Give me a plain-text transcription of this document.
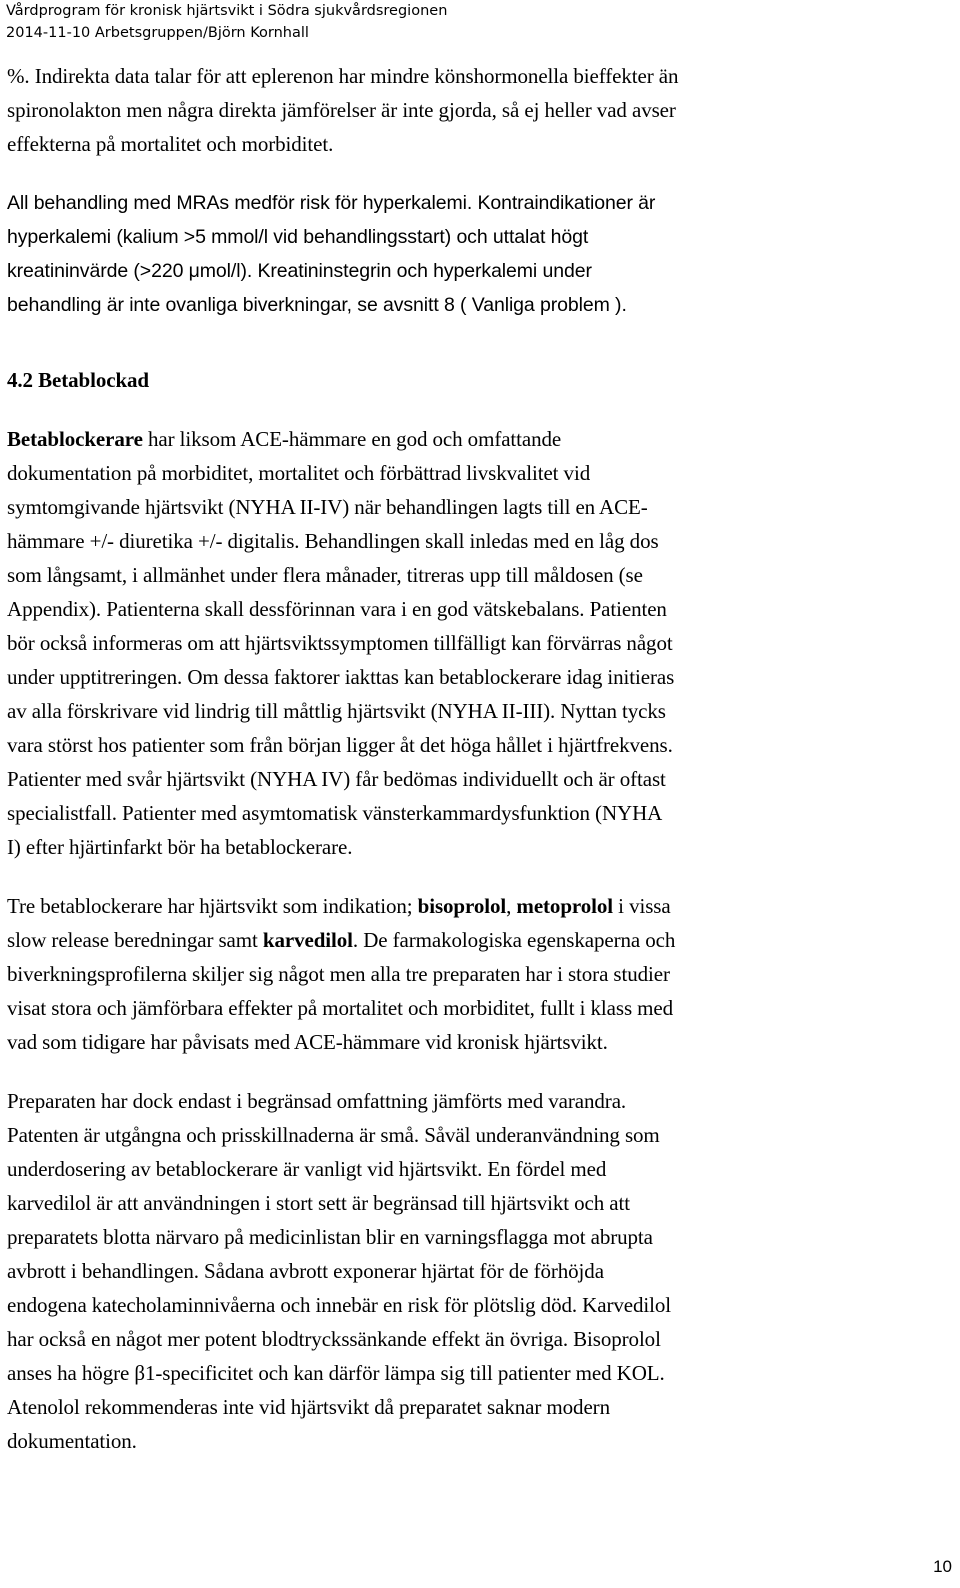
Vårdprogram för kronisk hjärtsvikt i Södra sjukvårdsregionen
2014-11-10 Arbetsgruppen/Björn Kornhall
%. Indirekta data talar för att eplerenon har mindre könshormonella bieffekter än
spironolakton men några direkta jämförelser är inte gjorda, så ej heller vad avser
effekterna på mortalitet och morbiditet.
All behandling med MRAs medför risk för hyperkalemi. Kontraindikationer är
hyperkalemi (kalium >5 mmol/l vid behandlingsstart) och uttalat högt
kreatininvärde (>220 μmol/l). Kreatininstegrin och hyperkalemi under
behandling är inte ovanliga biverkningar, se avsnitt 8 ( Vanliga problem ).
4.2 Betablockad
Betablockerare har liksom ACE-hämmare en god och omfattande
dokumentation på morbiditet, mortalitet och förbättrad livskvalitet vid
symtomgivande hjärtsvikt (NYHA II-IV) när behandlingen lagts till en ACE-
hämmare +/- diuretika +/- digitalis. Behandlingen skall inledas med en låg dos
som långsamt, i allmänhet under flera månader, titreras upp till måldosen (se
Appendix). Patienterna skall dessförinnan vara i en god vätskebalans. Patienten
bör också informeras om att hjärtsviktssymptomen tillfälligt kan förvärras något
under upptitreringen. Om dessa faktorer iakttas kan betablockerare idag initieras
av alla förskrivare vid lindrig till måttlig hjärtsvikt (NYHA II-III). Nyttan tycks
vara störst hos patienter som från början ligger åt det höga hållet i hjärtfrekvens.
Patienter med svår hjärtsvikt (NYHA IV) får bedömas individuellt och är oftast
specialistfall. Patienter med asymtomatisk vänsterkammardysfunktion (NYHA
I) efter hjärtinfarkt bör ha betablockerare.
Tre betablockerare har hjärtsvikt som indikation; bisoprolol, metoprolol i vissa
slow release beredningar samt karvedilol. De farmakologiska egenskaperna och
biverkningsprofilerna skiljer sig något men alla tre preparaten har i stora studier
visat stora och jämförbara effekter på mortalitet och morbiditet, fullt i klass med
vad som tidigare har påvisats med ACE-hämmare vid kronisk hjärtsvikt.
Preparaten har dock endast i begränsad omfattning jämförts med varandra.
Patenten är utgångna och prisskillnaderna är små. Såväl underanvändning som
underdosering av betablockerare är vanligt vid hjärtsvikt. En fördel med
karvedilol är att användningen i stort sett är begränsad till hjärtsvikt och att
preparatets blotta närvaro på medicinlistan blir en varningsflagga mot abrupta
avbrott i behandlingen. Sådana avbrott exponerar hjärtat för de förhöjda
endogena katecholaminnivåerna och innebär en risk för plötslig död. Karvedilol
har också en något mer potent blodtryckssänkande effekt än övriga. Bisoprolol
anses ha högre β1-specificitet och kan därför lämpa sig till patienter med KOL.
Atenolol rekommenderas inte vid hjärtsvikt då preparatet saknar modern
dokumentation.
10
